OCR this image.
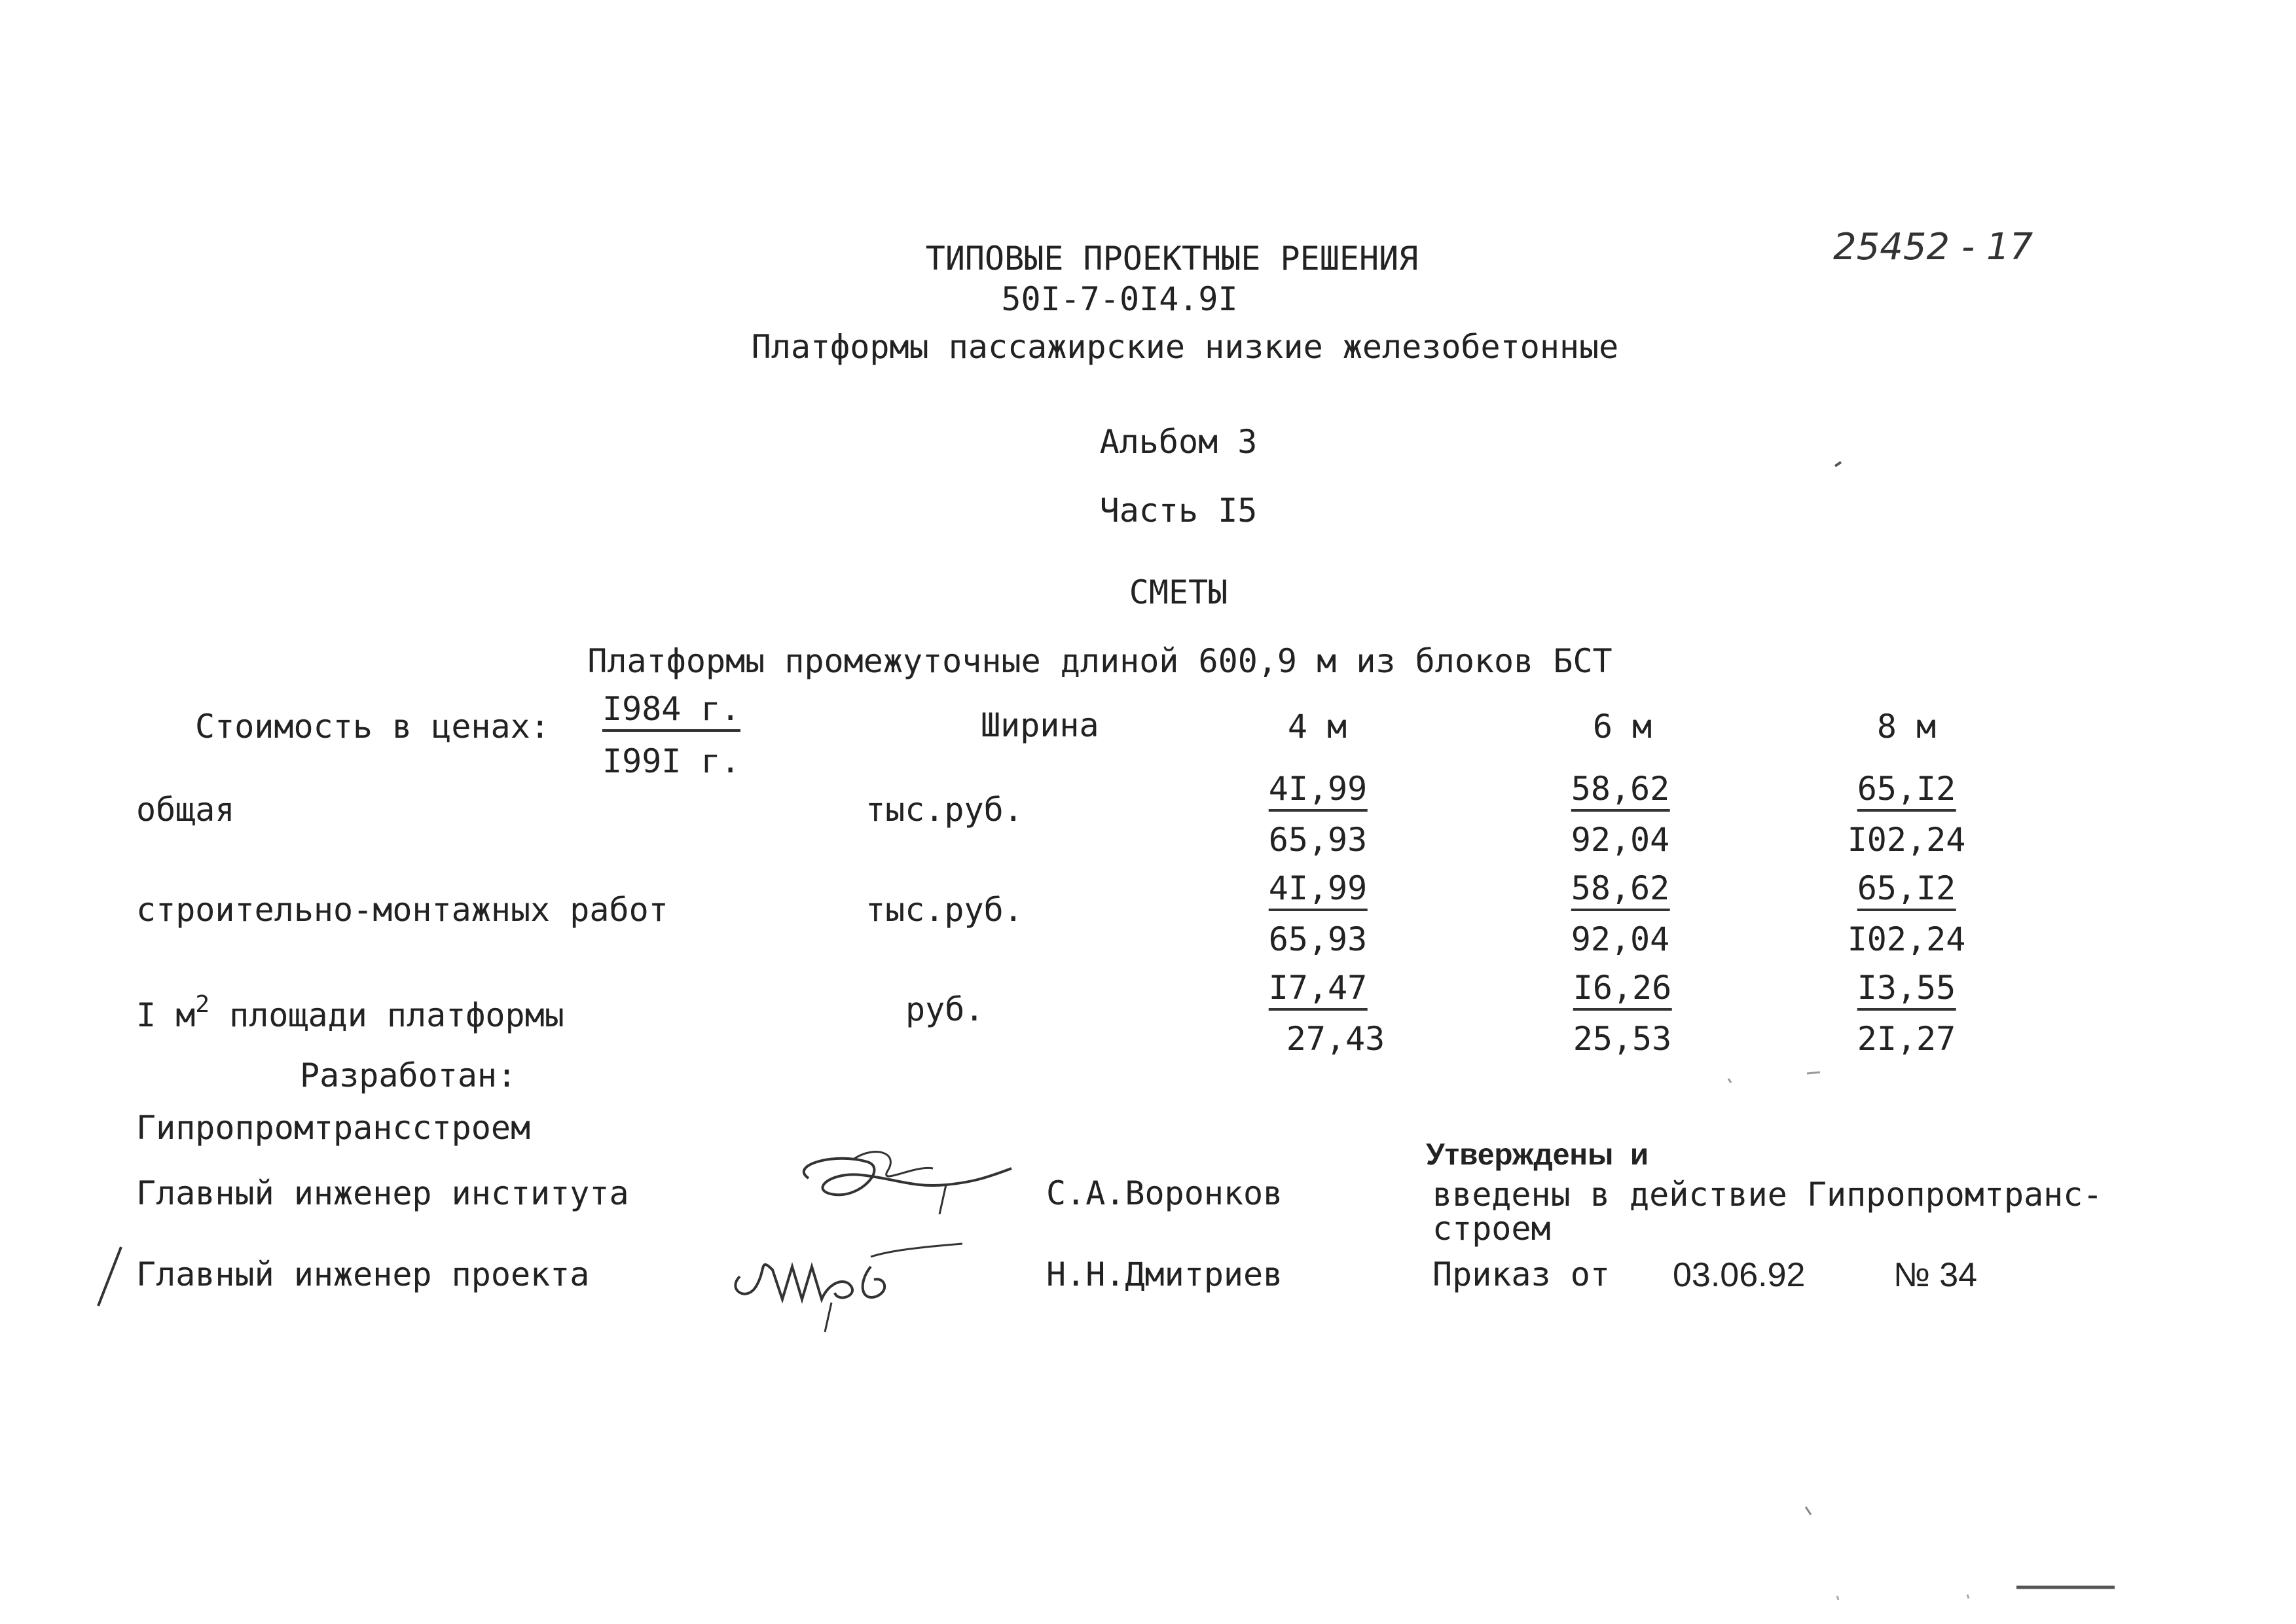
25452 - 17
ТИПОВЫЕ ПРОЕКТНЫЕ РЕШЕНИЯ
50I-7-0I4.9I
Платформы пассажирские низкие железобетонные
Альбом 3
Часть I5
СМЕТЫ
Платформы промежуточные длиной 600,9 м из блоков БСТ
Стоимость в ценах: I984 г.
I99I г.
Ширина	4 м	6 м	8 м
общая	тыс.руб.
4I,99	58,62	65,I2
65,93	92,04	I02,24
строительно-монтажных работ	тыс.руб.
4I,99	58,62	65,I2
65,93	92,04	I02,24
I $м^2$ площади платформы	руб.
I7,47	I6,26	I3,55
27,43	25,53	2I,27
Разработан:
Гипропромтрансстроем
Главный инженер института	С.А.Воронков
Главный инженер проекта	Н.Н.Дмитриев
Утверждены  и
введены в действие Гипропромтранс-
строем
Приказ от 03.06.92	№ 34
